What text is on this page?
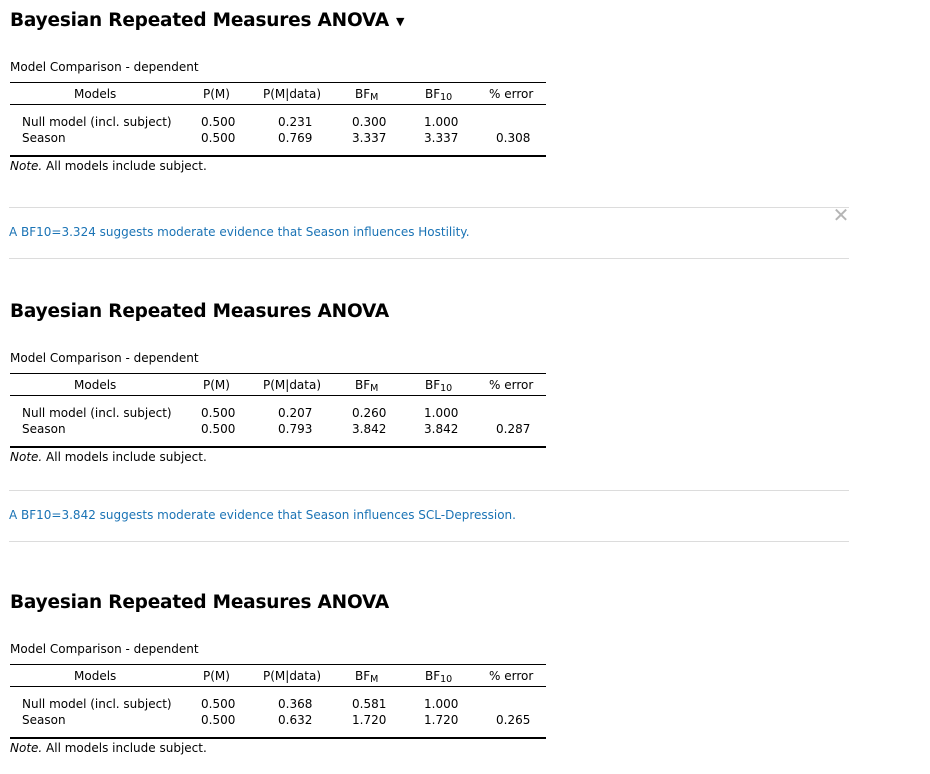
Bayesian Repeated Measures ANOVA ▼
Model Comparison - dependent
Models	P(M)	P(M|data)	BFM	BF10	% error
Null model (incl. subject) 0.500	0.231	0.300	1.000
Season	0.500	0.769	3.337	3.337	0.308
Note. All models include subject.
✕
A BF10=3.324 suggests moderate evidence that Season influences Hostility.
Bayesian Repeated Measures ANOVA
Model Comparison - dependent
Models	P(M)	P(M|data)	BFM	BF10	% error
Null model (incl. subject) 0.500	0.207	0.260	1.000
Season	0.500	0.793	3.842	3.842	0.287
Note. All models include subject.
A BF10=3.842 suggests moderate evidence that Season influences SCL-Depression.
Bayesian Repeated Measures ANOVA
Model Comparison - dependent
Models	P(M)	P(M|data)	BFM	BF10	% error
Null model (incl. subject) 0.500	0.368	0.581	1.000
Season	0.500	0.632	1.720	1.720	0.265
Note. All models include subject.
